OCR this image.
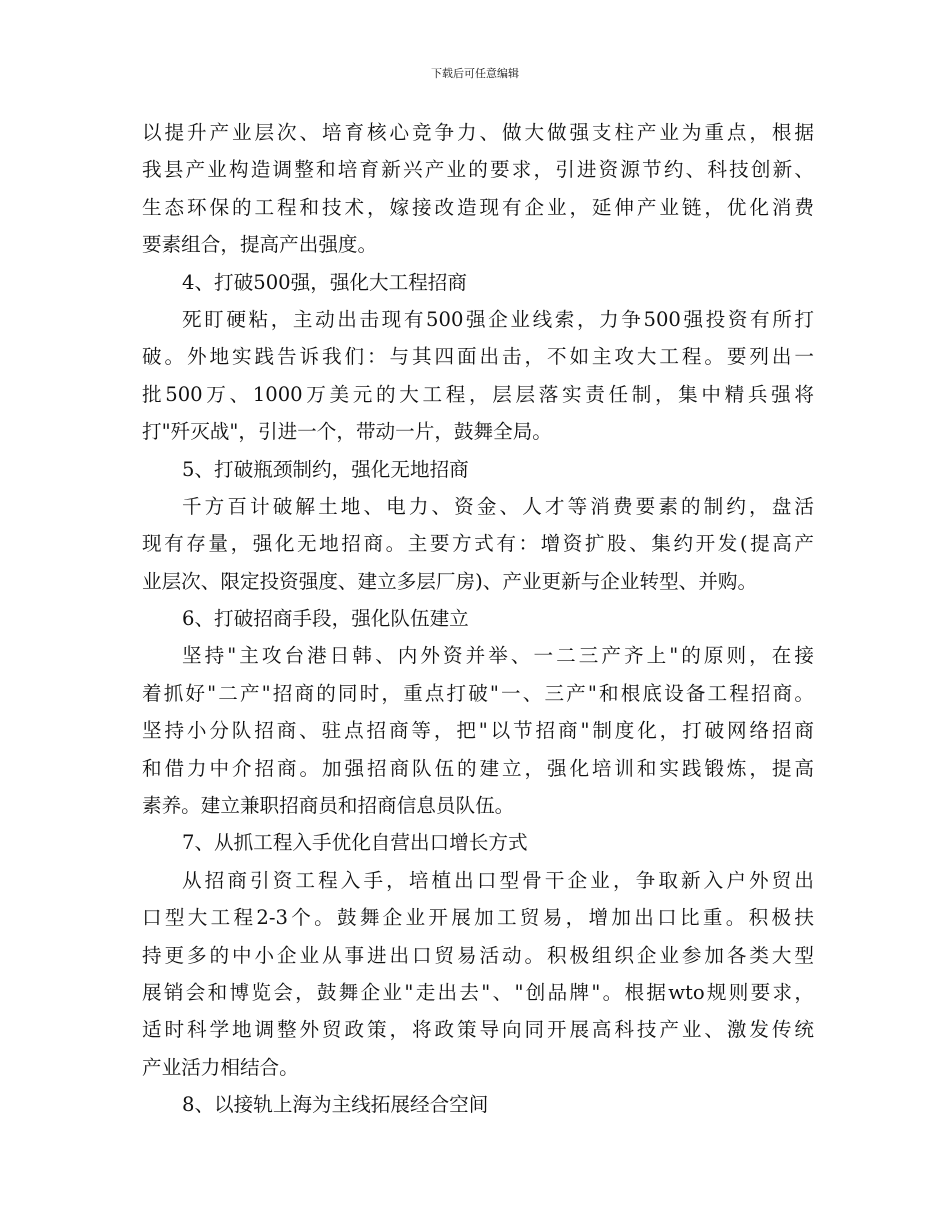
下载后可任意编辑
以提升产业层次、培育核心竞争力、做大做强支柱产业为重点，根据
我县产业构造调整和培育新兴产业的要求，引进资源节约、科技创新、
生态环保的工程和技术，嫁接改造现有企业，延伸产业链，优化消费
要素组合，提高产出强度。
4、打破500强，强化大工程招商
死盯硬粘，主动出击现有500强企业线索，力争500强投资有所打
破。外地实践告诉我们：与其四面出击，不如主攻大工程。要列出一
批500万、1000万美元的大工程，层层落实责任制，集中精兵强将
打"歼灭战"，引进一个，带动一片，鼓舞全局。
5、打破瓶颈制约，强化无地招商
千方百计破解土地、电力、资金、人才等消费要素的制约，盘活
现有存量，强化无地招商。主要方式有：增资扩股、集约开发(提高产
业层次、限定投资强度、建立多层厂房)、产业更新与企业转型、并购。
6、打破招商手段，强化队伍建立
坚持"主攻台港日韩、内外资并举、一二三产齐上"的原则，在接
着抓好"二产"招商的同时，重点打破"一、三产"和根底设备工程招商。
坚持小分队招商、驻点招商等，把"以节招商"制度化，打破网络招商
和借力中介招商。加强招商队伍的建立，强化培训和实践锻炼，提高
素养。建立兼职招商员和招商信息员队伍。
7、从抓工程入手优化自营出口增长方式
从招商引资工程入手，培植出口型骨干企业，争取新入户外贸出
口型大工程2-3个。鼓舞企业开展加工贸易，增加出口比重。积极扶
持更多的中小企业从事进出口贸易活动。积极组织企业参加各类大型
展销会和博览会，鼓舞企业"走出去"、"创品牌"。根据wto规则要求，
适时科学地调整外贸政策，将政策导向同开展高科技产业、激发传统
产业活力相结合。
8、以接轨上海为主线拓展经合空间
